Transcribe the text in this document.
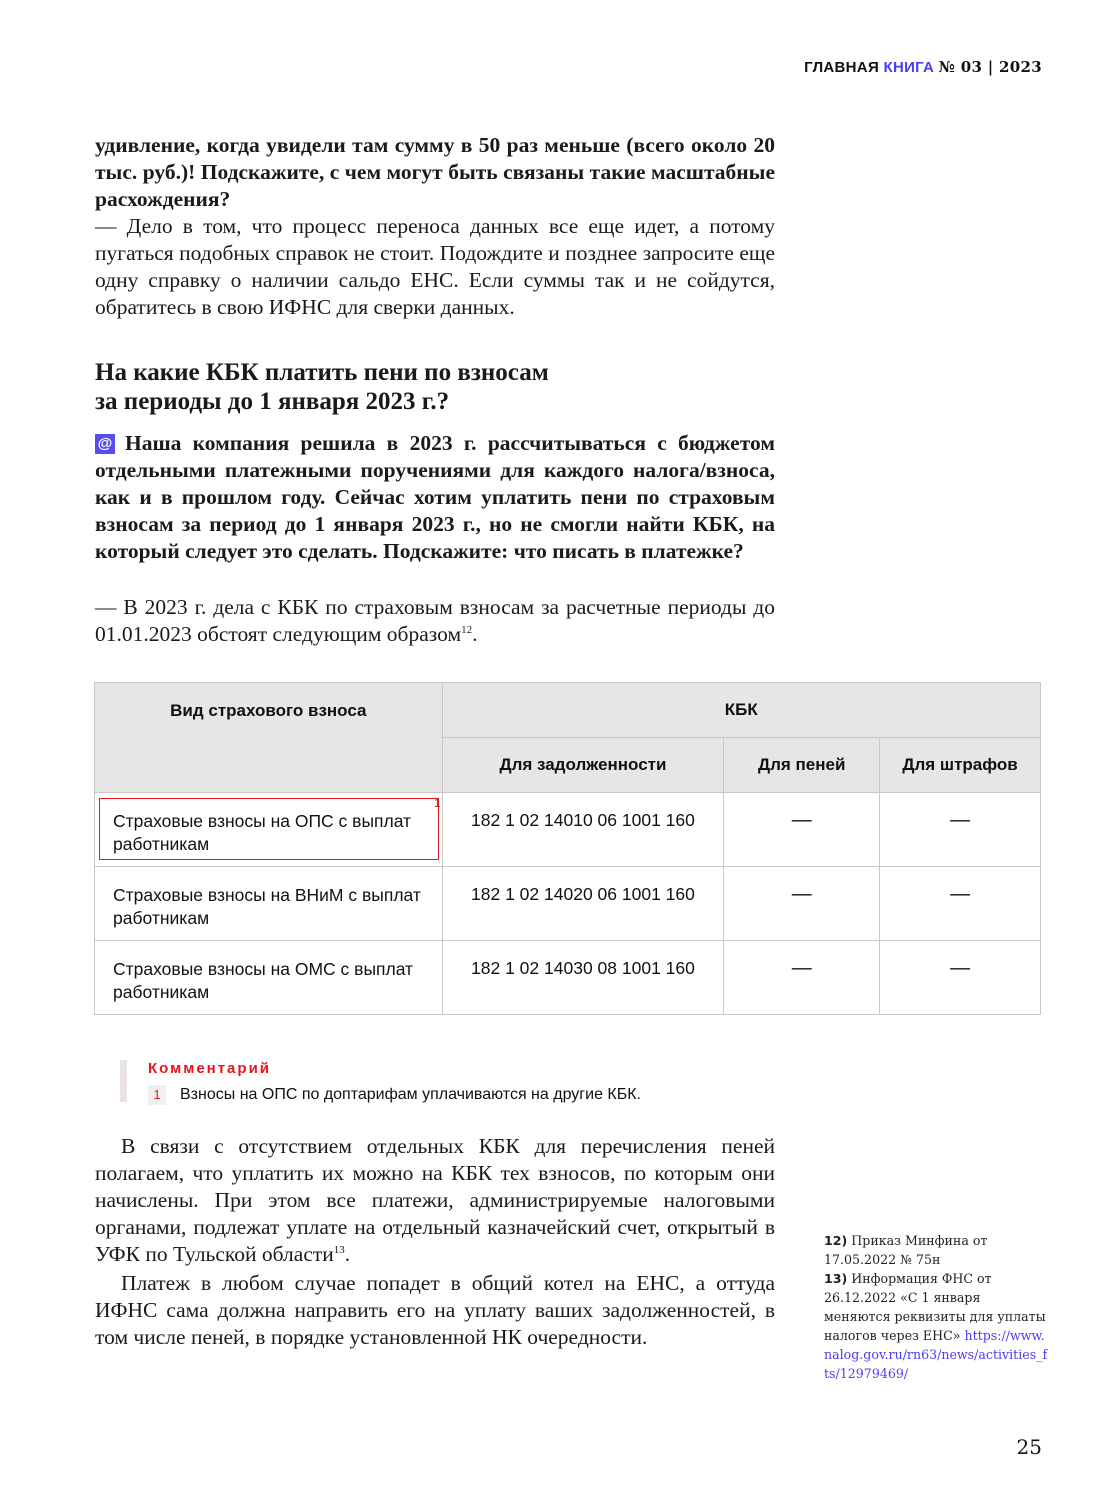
ГЛАВНАЯ КНИГА № 03 | 2023

удивление, когда увидели там сумму в 50 раз меньше (всего около 20 тыс. руб.)! Подскажите, с чем могут быть связаны такие масштабные расхождения?

— Дело в том, что процесс переноса данных все еще идет, а потому пугаться подобных справок не стоит. Подождите и позднее запросите еще одну справку о наличии сальдо ЕНС. Если суммы так и не сойдутся, обратитесь в свою ИФНС для сверки данных.

На какие КБК платить пени по взносам
за периоды до 1 января 2023 г.?

@ Наша компания решила в 2023 г. рассчитываться с бюджетом отдельными платежными поручениями для каждого налога/взноса, как и в прошлом году. Сейчас хотим уплатить пени по страховым взносам за период до 1 января 2023 г., но не смогли найти КБК, на который следует это сделать. Подскажите: что писать в платежке?

— В 2023 г. дела с КБК по страховым взносам за расчетные периоды до 01.01.2023 обстоят следующим образом$^{12}$.

Вид страхового взноса	КБК		
	Для задолженности	Для пеней	Для штрафов

1
Страховые взносы на ОПС с выплат работникам	182 1 02 14010 06 1001 160	—	—

Страховые взносы на ВНиМ с выплат работникам	182 1 02 14020 06 1001 160	—	—

Страховые взносы на ОМС с выплат работникам	182 1 02 14030 08 1001 160	—	—
Комментарий
1	Взносы на ОПС по доптарифам уплачиваются на другие КБК.

В связи с отсутствием отдельных КБК для перечисления пеней полагаем, что уплатить их можно на КБК тех взносов, по которым они начислены. При этом все платежи, администрируемые налоговыми органами, подлежат уплате на отдельный казначейский счет, открытый в УФК по Тульской области$^{13}$.

Платеж в любом случае попадет в общий котел на ЕНС, а оттуда ИФНС сама должна направить его на уплату ваших задолженностей, в том числе пеней, в порядке установленной НК очередности.

12) Приказ Минфина от 17.05.2022 № 75н
13) Информация ФНС от 26.12.2022 «С 1 января меняются реквизиты для уплаты налогов через ЕНС» https://www.nalog.gov.ru/rn63/news/activities_fts/12979469/
25
